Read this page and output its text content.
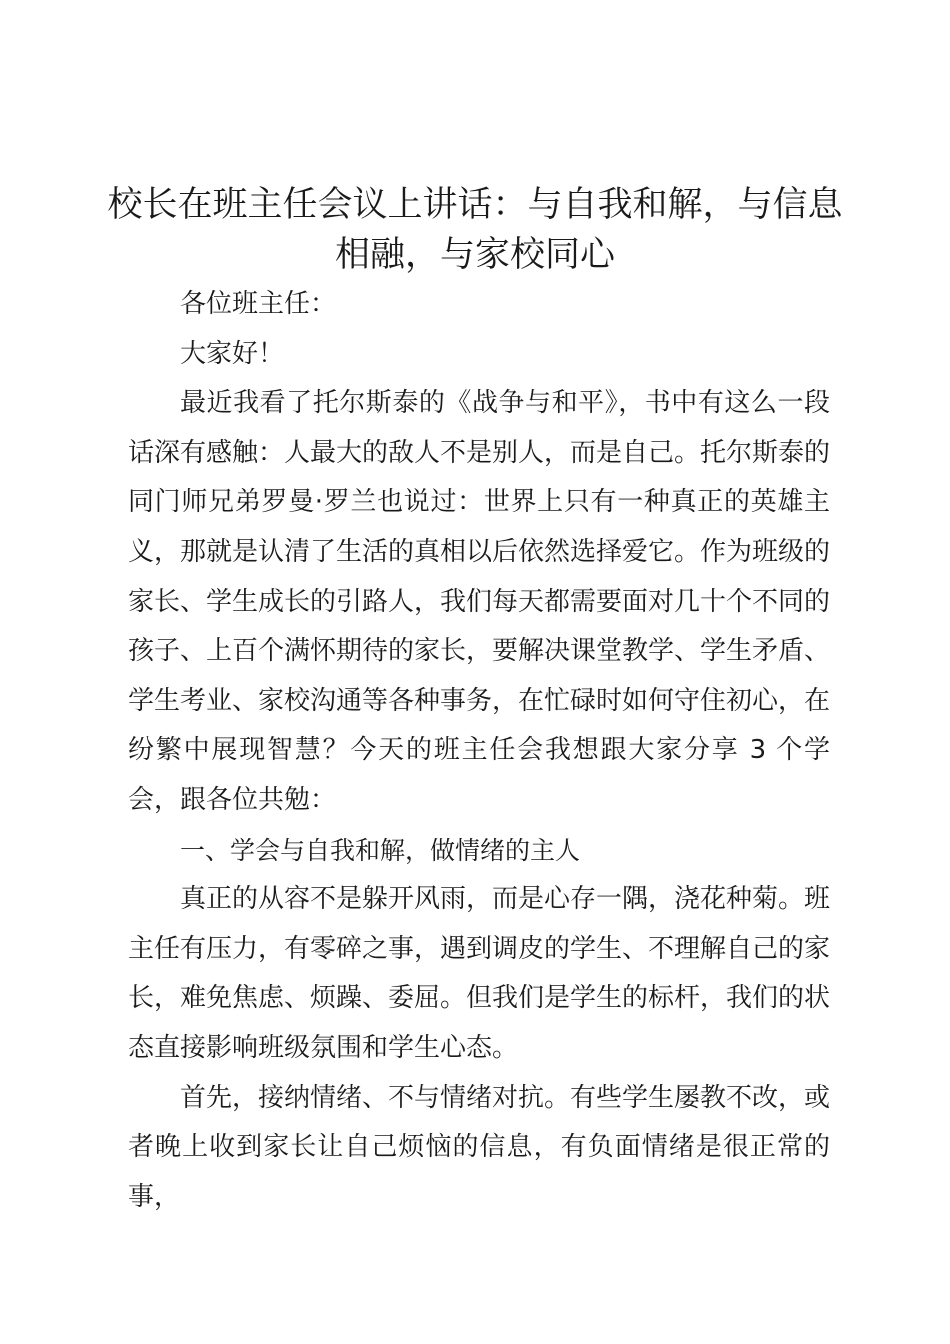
校长在班主任会议上讲话：与自我和解，与信息相融，与家校同心

各位班主任：

大家好！

最近我看了托尔斯泰的《战争与和平》，书中有这么一段话深有感触：人最大的敌人不是别人，而是自己。托尔斯泰的同门师兄弟罗曼·罗兰也说过：世界上只有一种真正的英雄主义，那就是认清了生活的真相以后依然选择爱它。作为班级的家长、学生成长的引路人，我们每天都需要面对几十个不同的孩子、上百个满怀期待的家长，要解决课堂教学、学生矛盾、学生考业、家校沟通等各种事务，在忙碌时如何守住初心，在纷繁中展现智慧？今天的班主任会我想跟大家分享 3 个学会，跟各位共勉：

一、学会与自我和解，做情绪的主人

真正的从容不是躲开风雨，而是心存一隅，浇花种菊。班主任有压力，有零碎之事，遇到调皮的学生、不理解自己的家长，难免焦虑、烦躁、委屈。但我们是学生的标杆，我们的状态直接影响班级氛围和学生心态。

首先，接纳情绪、不与情绪对抗。有些学生屡教不改，或者晚上收到家长让自己烦恼的信息，有负面情绪是很正常的事，
